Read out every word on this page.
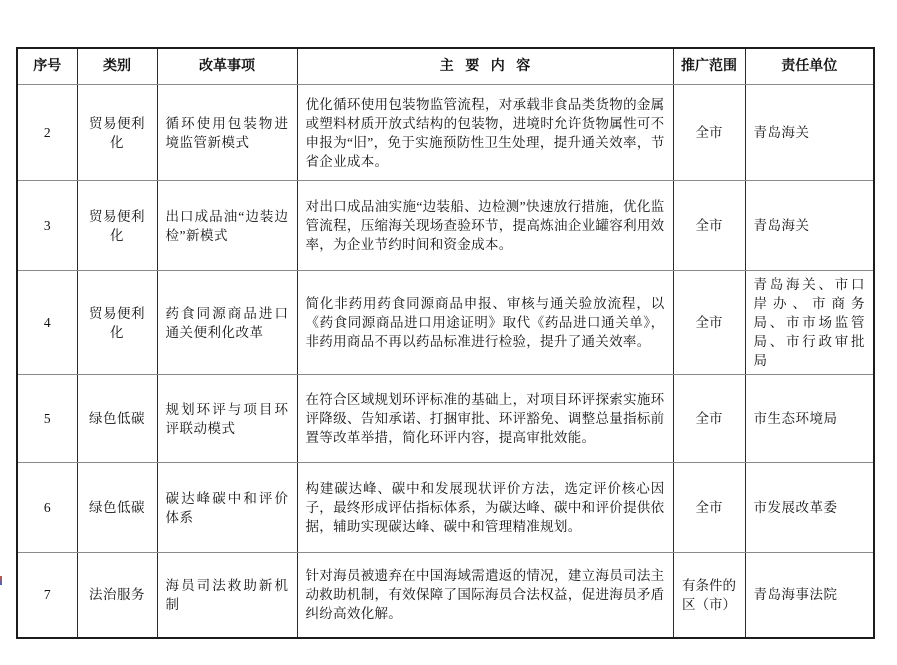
序号	类别	改革事项	主 要 内 容	推广范围	责任单位
2	贸易便利化	循环使用包装物进境监管新模式	优化循环使用包装物监管流程，对承载非食品类货物的金属或塑料材质开放式结构的包装物，进境时允许货物属性可不申报为“旧”，免于实施预防性卫生处理，提升通关效率，节省企业成本。	全市	青岛海关
3	贸易便利化	出口成品油“边装边检”新模式	对出口成品油实施“边装船、边检测”快速放行措施，优化监管流程，压缩海关现场查验环节，提高炼油企业罐容利用效率，为企业节约时间和资金成本。	全市	青岛海关
4	贸易便利化	药食同源商品进口通关便利化改革	简化非药用药食同源商品申报、审核与通关验放流程，以《药食同源商品进口用途证明》取代《药品进口通关单》，非药用商品不再以药品标准进行检验，提升了通关效率。	全市	青岛海关、市口岸办、市商务局、市市场监管局、市行政审批局
5	绿色低碳	规划环评与项目环评联动模式	在符合区域规划环评标准的基础上，对项目环评探索实施环评降级、告知承诺、打捆审批、环评豁免、调整总量指标前置等改革举措，简化环评内容，提高审批效能。	全市	市生态环境局
6	绿色低碳	碳达峰碳中和评价体系	构建碳达峰、碳中和发展现状评价方法，选定评价核心因子，最终形成评估指标体系，为碳达峰、碳中和评价提供依据，辅助实现碳达峰、碳中和管理精准规划。	全市	市发展改革委
7	法治服务	海员司法救助新机制	针对海员被遗弃在中国海域需遣返的情况，建立海员司法主动救助机制，有效保障了国际海员合法权益，促进海员矛盾纠纷高效化解。	有条件的区（市）	青岛海事法院
